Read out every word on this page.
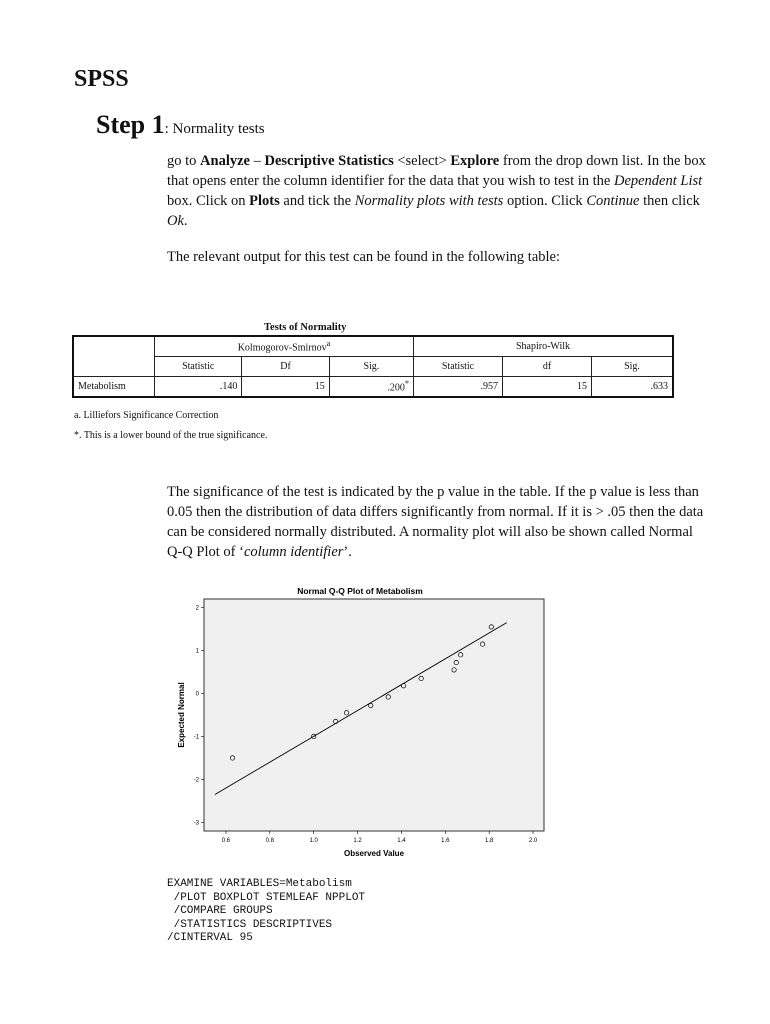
SPSS
Step 1: Normality tests
go to Analyze – Descriptive Statistics <select> Explore from the drop down list. In the box that opens enter the column identifier for the data that you wish to test in the Dependent List box. Click on Plots and tick the Normality plots with tests option. Click Continue then click Ok.
The relevant output for this test can be found in the following table:
Tests of Normality
	Kolmogorov-Smirnov$^a$			Shapiro-Wilk		
	Statistic	Df	Sig.	Statistic	df	Sig.
Metabolism	.140	15	.200*	.957	15	.633
a. Lilliefors Significance Correction
*. This is a lower bound of the true significance.
The significance of the test is indicated by the p value in the table. If the p value is less than 0.05 then the distribution of data differs significantly from normal. If it is > .05 then the data can be considered normally distributed. A normality plot will also be shown called Normal Q-Q Plot of ‘column identifier’.
Normal Q-Q Plot of Metabolism
0.6	0.8	1.0	1.2	1.4	1.6	1.8	2.0
2
1
0
-1
-2
-3
Observed Value
Expected Normal
EXAMINE VARIABLES=Metabolism
/PLOT BOXPLOT STEMLEAF NPPLOT
/COMPARE GROUPS
/STATISTICS DESCRIPTIVES
/CINTERVAL 95
